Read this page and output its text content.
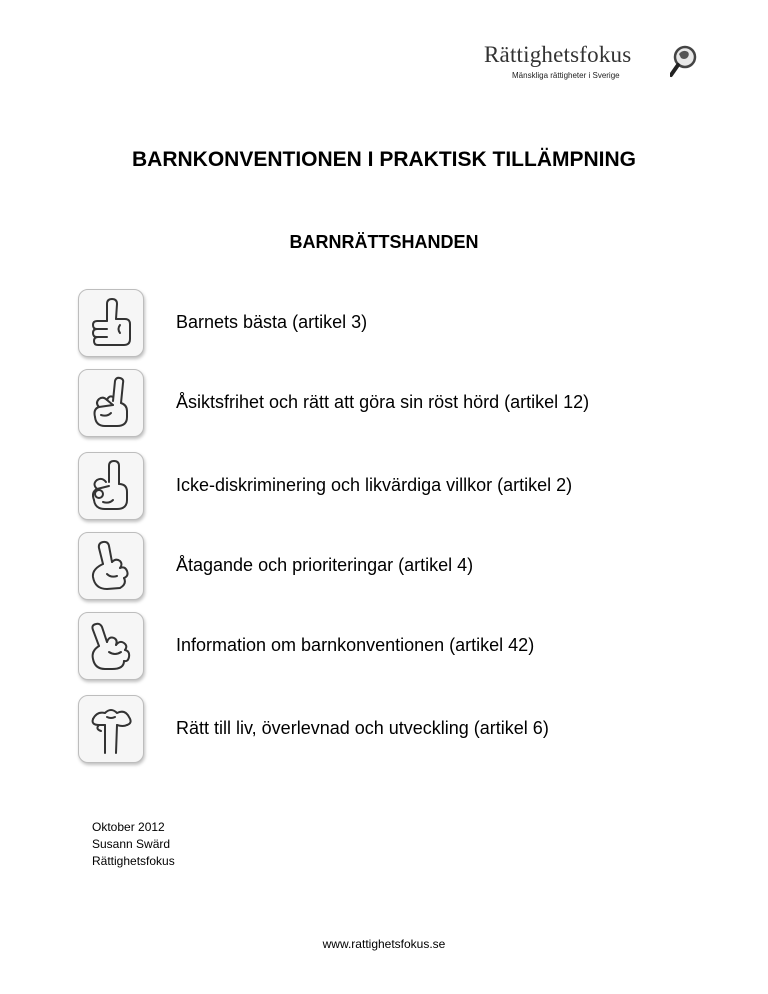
Rättighetsfokus
Mänskliga rättigheter i Sverige
BARNKONVENTIONEN I PRAKTISK TILLÄMPNING
BARNRÄTTSHANDEN
Barnets bästa (artikel 3)
Åsiktsfrihet och rätt att göra sin röst hörd (artikel 12)
Icke-diskriminering och likvärdiga villkor (artikel 2)
Åtagande och prioriteringar (artikel 4)
Information om barnkonventionen (artikel 42)
Rätt till liv, överlevnad och utveckling (artikel 6)
Oktober 2012
Susann Swärd
Rättighetsfokus
www.rattighetsfokus.se
